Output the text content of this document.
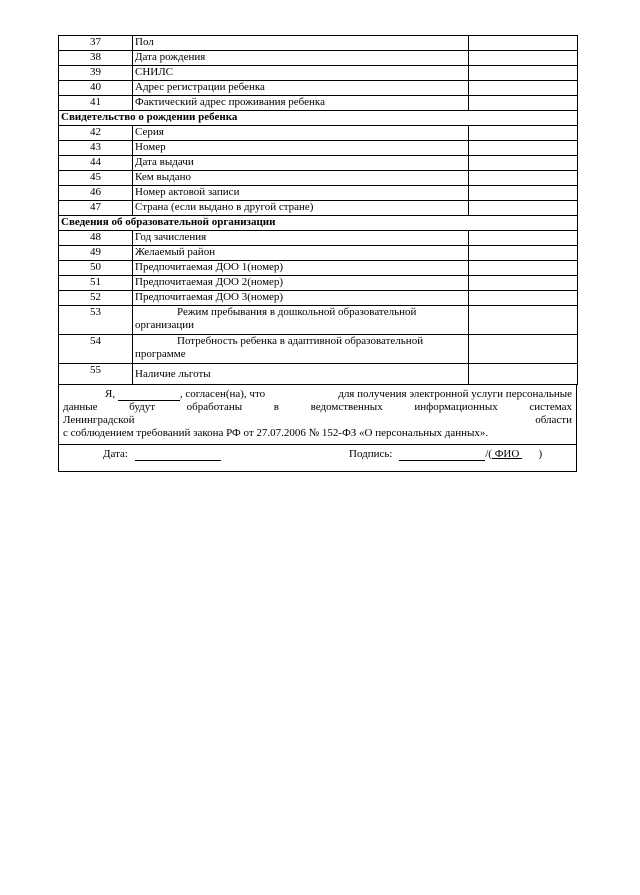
37	Пол	
38	Дата рождения	
39	СНИЛС	
40	Адрес регистрации ребенка	
41	Фактический адрес проживания ребенка	
Свидетельство о рождении ребенка		
42	Серия	
43	Номер	
44	Дата выдачи	
45	Кем выдано	
46	Номер актовой записи	
47	Страна (если выдано в другой стране)	
Сведения об образовательной организации		
48	Год зачисления	
49	Желаемый район	
50	Предпочитаемая ДОО 1(номер)	
51	Предпочитаемая ДОО 2(номер)	
52	Предпочитаемая ДОО 3(номер)	
53	Режим пребывания в дошкольной образовательной
организации	

54	Потребность ребенка в адаптивной образовательной
программе	

55	Наличие льготы	
Я,	, согласен(на), что	для получения электронной услуги персональные
данные	будут	обработаны	в	ведомственных	информационных	системах
Ленинградской	области
с соблюдением требований закона РФ от 27.07.2006 № 152-ФЗ «О персональных данных».
Дата:	Подпись:	/( ФИО       )
